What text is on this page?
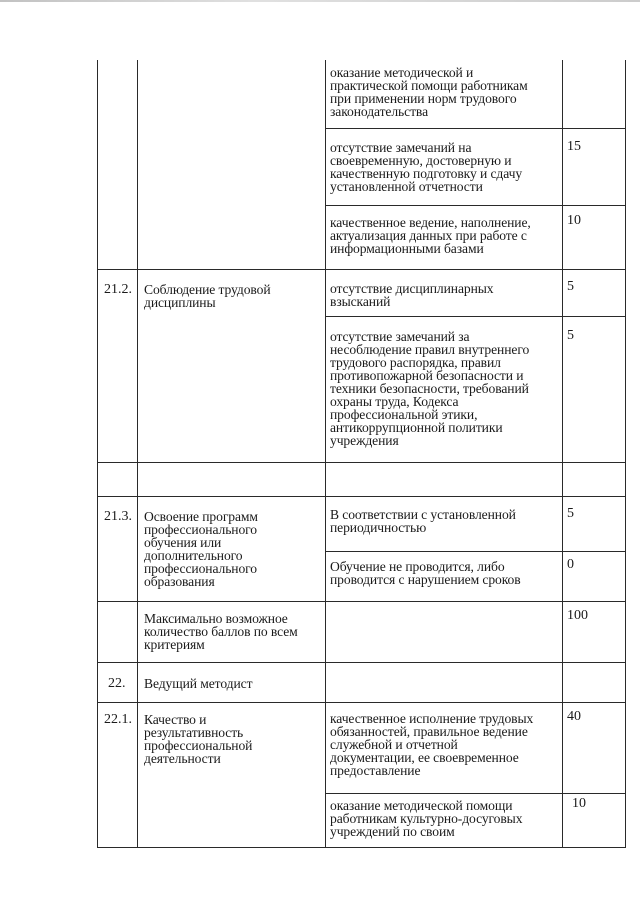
оказание методической и
практической помощи работникам
при применении норм трудового
законодательства
отсутствие замечаний на
своевременную, достоверную и
качественную подготовку и сдачу
установленной отчетности
15
качественное ведение, наполнение,
актуализация данных при работе с
информационными базами
10
21.2. Соблюдение трудовой
дисциплины
отсутствие дисциплинарных
взысканий
5
отсутствие замечаний за
несоблюдение правил внутреннего
трудового распорядка, правил
противопожарной безопасности и
техники безопасности, требований
охраны труда, Кодекса
профессиональной этики,
антикоррупционной политики
учреждения
5
21.3. Освоение программ
профессионального
обучения или
дополнительного
профессионального
образования
В соответствии с установленной
периодичностью
5
Обучение не проводится, либо
проводится с нарушением сроков
0
Максимально возможное
количество баллов по всем
критериям
100
22. Ведущий методист
22.1. Качество и
результативность
профессиональной
деятельности
качественное исполнение трудовых
обязанностей, правильное ведение
служебной и отчетной
документации, ее своевременное
предоставление
40
оказание методической помощи
работникам культурно-досуговых
учреждений по своим
10
